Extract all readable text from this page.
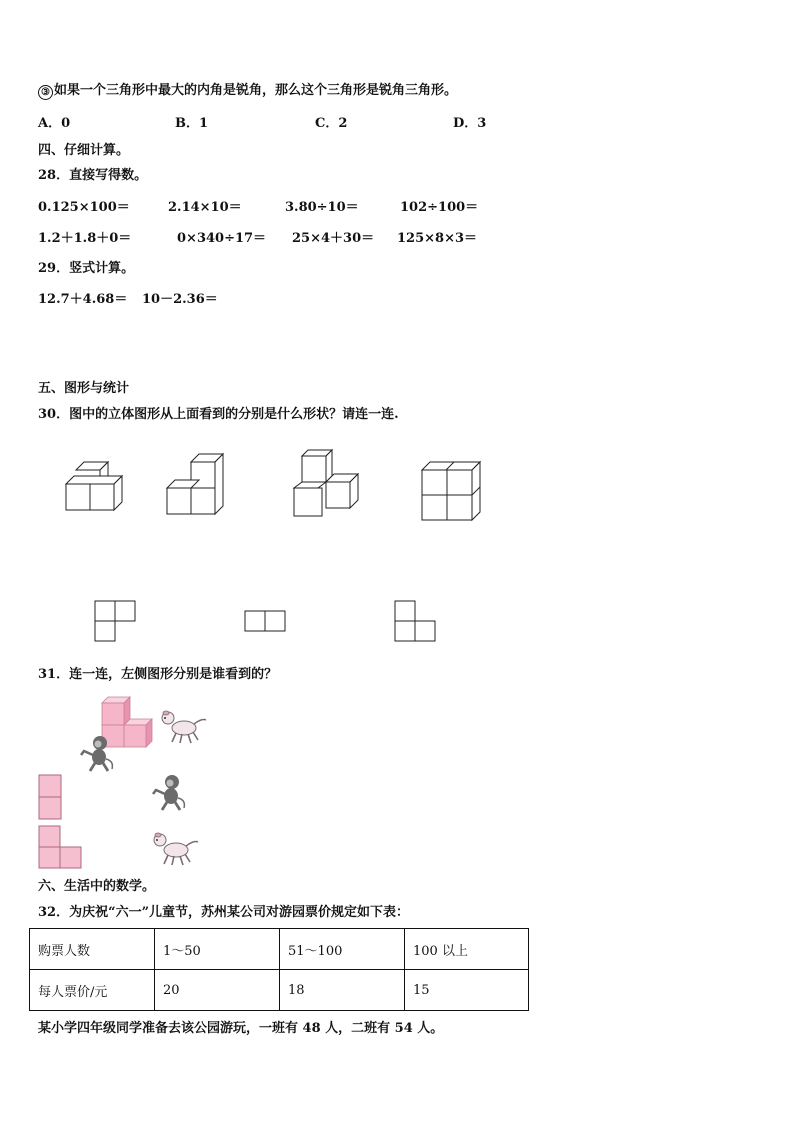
③ 如果一个三角形中最大的内角是锐角，那么这个三角形是锐角三角形。
A．0	B．1	C．2	D．3
四、仔细计算。
28．直接写得数。
0.125×100＝	2.14×10＝	3.80÷10＝	102÷100＝
1.2＋1.8＋0＝	0×340÷17＝ 25×4＋30＝ 125×8×3＝
29．竖式计算。
12.7＋4.68＝ 10－2.36＝
五、图形与统计
30．图中的立体图形从上面看到的分别是什么形状？请连一连.
31．连一连，左侧图形分别是谁看到的？
六、生活中的数学。
32．为庆祝“六一”儿童节，苏州某公司对游园票价规定如下表：
购票人数	1～50	51～100	100 以上
每人票价/元	20	18	15
某小学四年级同学准备去该公园游玩，一班有 48 人，二班有 54 人。
